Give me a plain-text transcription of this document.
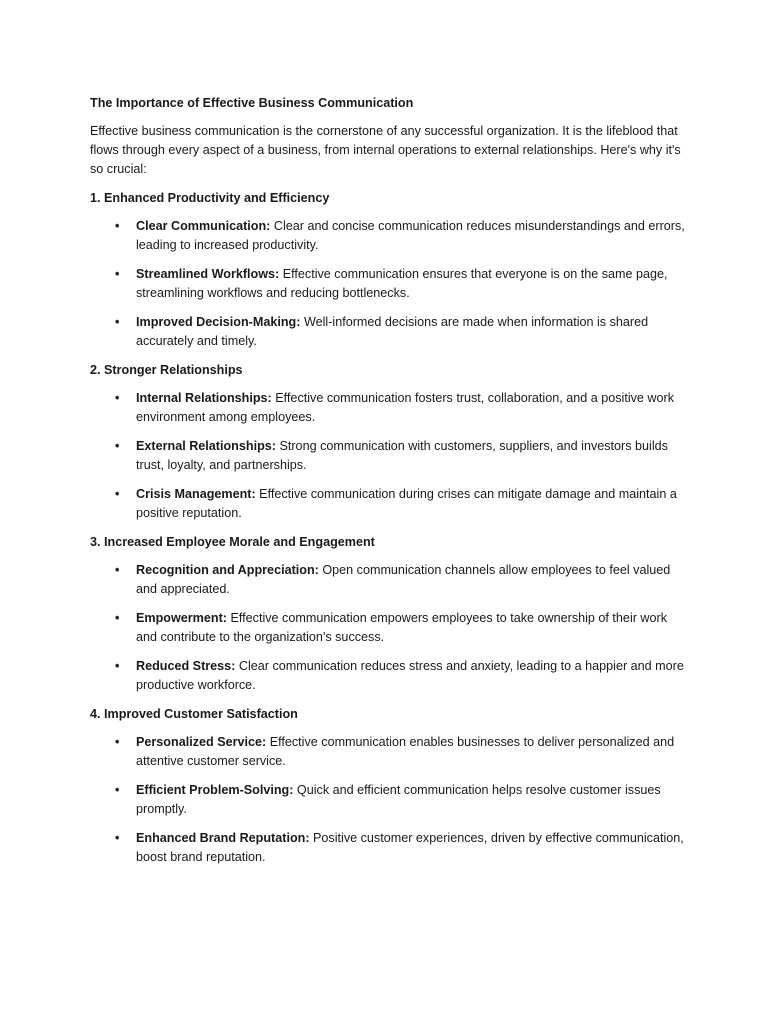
The Importance of Effective Business Communication

Effective business communication is the cornerstone of any successful organization. It is the lifeblood that flows through every aspect of a business, from internal operations to external relationships. Here's why it's so crucial:

1. Enhanced Productivity and Efficiency

• Clear Communication: Clear and concise communication reduces misunderstandings and errors, leading to increased productivity.
• Streamlined Workflows: Effective communication ensures that everyone is on the same page, streamlining workflows and reducing bottlenecks.
• Improved Decision-Making: Well-informed decisions are made when information is shared accurately and timely.

2. Stronger Relationships

• Internal Relationships: Effective communication fosters trust, collaboration, and a positive work environment among employees.
• External Relationships: Strong communication with customers, suppliers, and investors builds trust, loyalty, and partnerships.
• Crisis Management: Effective communication during crises can mitigate damage and maintain a positive reputation.

3. Increased Employee Morale and Engagement

• Recognition and Appreciation: Open communication channels allow employees to feel valued and appreciated.
• Empowerment: Effective communication empowers employees to take ownership of their work and contribute to the organization's success.
• Reduced Stress: Clear communication reduces stress and anxiety, leading to a happier and more productive workforce.

4. Improved Customer Satisfaction

• Personalized Service: Effective communication enables businesses to deliver personalized and attentive customer service.
• Efficient Problem-Solving: Quick and efficient communication helps resolve customer issues promptly.
• Enhanced Brand Reputation: Positive customer experiences, driven by effective communication, boost brand reputation.
